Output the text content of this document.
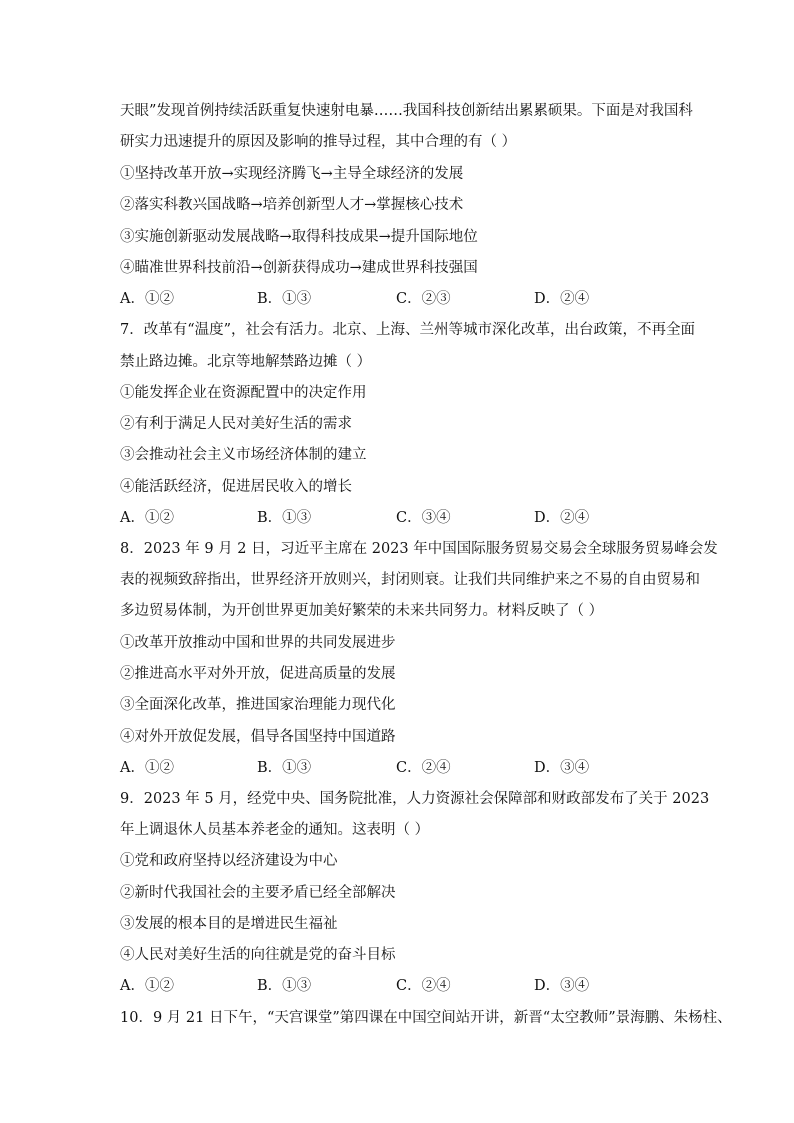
天眼”发现首例持续活跃重复快速射电暴……我国科技创新结出累累硕果。下面是对我国科
研实力迅速提升的原因及影响的推导过程，其中合理的有（ ）
①坚持改革开放→实现经济腾飞→主导全球经济的发展
②落实科教兴国战略→培养创新型人才→掌握核心技术
③实施创新驱动发展战略→取得科技成果→提升国际地位
④瞄准世界科技前沿→创新获得成功→建成世界科技强国
A．①②	B．①③	C．②③	D．②④
7．改革有“温度”，社会有活力。北京、上海、兰州等城市深化改革，出台政策，不再全面
禁止路边摊。北京等地解禁路边摊（ ）
①能发挥企业在资源配置中的决定作用
②有利于满足人民对美好生活的需求
③会推动社会主义市场经济体制的建立
④能活跃经济，促进居民收入的增长
A．①②	B．①③	C．③④	D．②④
8．2023 年 9 月 2 日，习近平主席在 2023 年中国国际服务贸易交易会全球服务贸易峰会发
表的视频致辞指出，世界经济开放则兴，封闭则衰。让我们共同维护来之不易的自由贸易和
多边贸易体制，为开创世界更加美好繁荣的未来共同努力。材料反映了（ ）
①改革开放推动中国和世界的共同发展进步
②推进高水平对外开放，促进高质量的发展
③全面深化改革，推进国家治理能力现代化
④对外开放促发展，倡导各国坚持中国道路
A．①②	B．①③	C．②④	D．③④
9．2023 年 5 月，经党中央、国务院批准，人力资源社会保障部和财政部发布了关于 2023
年上调退休人员基本养老金的通知。这表明（ ）
①党和政府坚持以经济建设为中心
②新时代我国社会的主要矛盾已经全部解决
③发展的根本目的是增进民生福祉
④人民对美好生活的向往就是党的奋斗目标
A．①②	B．①③	C．②④	D．③④
10．9 月 21 日下午，“天宫课堂”第四课在中国空间站开讲，新晋“太空教师”景海鹏、朱杨柱、
